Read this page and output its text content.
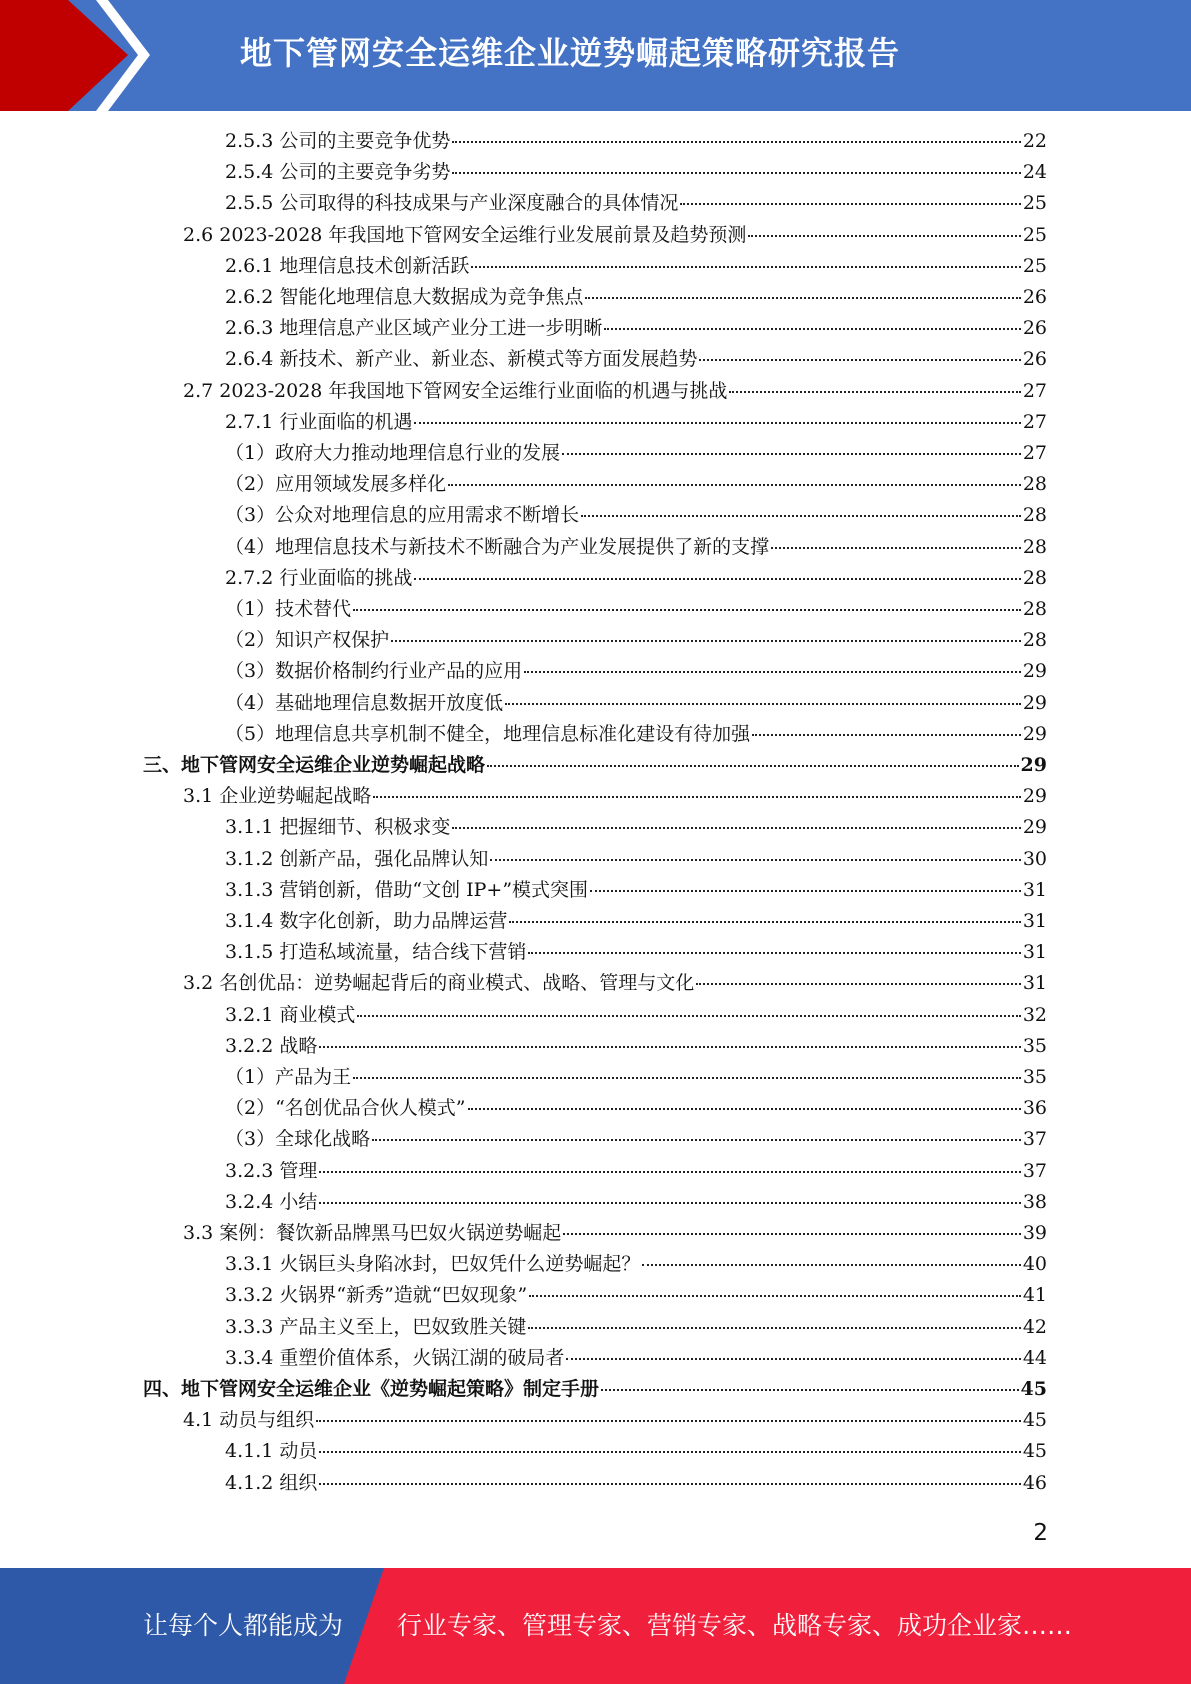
地下管网安全运维企业逆势崛起策略研究报告
2.5.3 公司的主要竞争优势	22
2.5.4 公司的主要竞争劣势	24
2.5.5 公司取得的科技成果与产业深度融合的具体情况	25
2.6 2023-2028 年我国地下管网安全运维行业发展前景及趋势预测	25
2.6.1 地理信息技术创新活跃	25
2.6.2 智能化地理信息大数据成为竞争焦点	26
2.6.3 地理信息产业区域产业分工进一步明晰	26
2.6.4 新技术、新产业、新业态、新模式等方面发展趋势	26
2.7 2023-2028 年我国地下管网安全运维行业面临的机遇与挑战	27
2.7.1 行业面临的机遇	27
（1）政府大力推动地理信息行业的发展	27
（2）应用领域发展多样化	28
（3）公众对地理信息的应用需求不断增长	28
（4）地理信息技术与新技术不断融合为产业发展提供了新的支撑	28
2.7.2 行业面临的挑战	28
（1）技术替代	28
（2）知识产权保护	28
（3）数据价格制约行业产品的应用	29
（4）基础地理信息数据开放度低	29
（5）地理信息共享机制不健全，地理信息标准化建设有待加强	29
三、地下管网安全运维企业逆势崛起战略	29
3.1 企业逆势崛起战略	29
3.1.1 把握细节、积极求变	29
3.1.2 创新产品，强化品牌认知	30
3.1.3 营销创新，借助“文创 IP+”模式突围	31
3.1.4 数字化创新，助力品牌运营	31
3.1.5 打造私域流量，结合线下营销	31
3.2 名创优品：逆势崛起背后的商业模式、战略、管理与文化	31
3.2.1 商业模式	32
3.2.2 战略	35
（1）产品为王	35
（2）“名创优品合伙人模式”	36
（3）全球化战略	37
3.2.3 管理	37
3.2.4 小结	38
3.3 案例：餐饮新品牌黑马巴奴火锅逆势崛起	39
3.3.1 火锅巨头身陷冰封，巴奴凭什么逆势崛起？	40
3.3.2 火锅界“新秀”造就“巴奴现象”	41
3.3.3 产品主义至上，巴奴致胜关键	42
3.3.4 重塑价值体系，火锅江湖的破局者	44
四、地下管网安全运维企业《逆势崛起策略》制定手册	45
4.1 动员与组织	45
4.1.1 动员	45
4.1.2 组织	46
2
让每个人都能成为 行业专家、管理专家、营销专家、战略专家、成功企业家……
